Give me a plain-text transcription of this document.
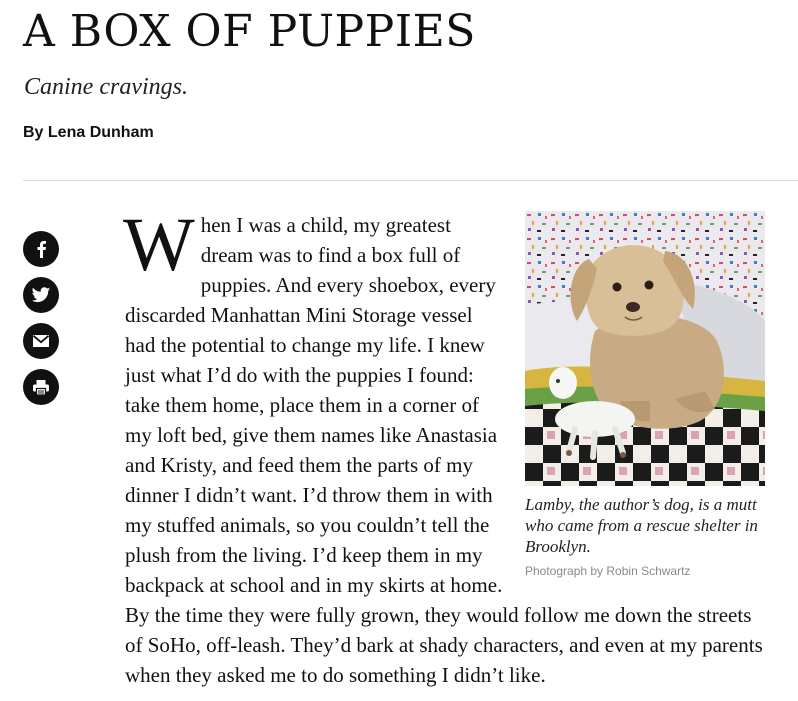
A BOX OF PUPPIES

Canine cravings.

By Lena Dunham

Lamby, the author’s dog, is a mutt who came from a rescue shelter in Brooklyn.

Photograph by Robin Schwartz

When I was a child, my greatest dream was to find a box full of puppies. And every shoebox, every discarded Manhattan Mini Storage vessel had the potential to change my life. I knew just what I’d do with the puppies I found: take them home, place them in a corner of my loft bed, give them names like Anastasia and Kristy, and feed them the parts of my dinner I didn’t want. I’d throw them in with my stuffed animals, so you couldn’t tell the plush from the living. I’d keep them in my backpack at school and in my skirts at home. By the time they were fully grown, they would follow me down the streets of SoHo, off-leash. They’d bark at shady characters, and even at my parents when they asked me to do something I didn’t like.
